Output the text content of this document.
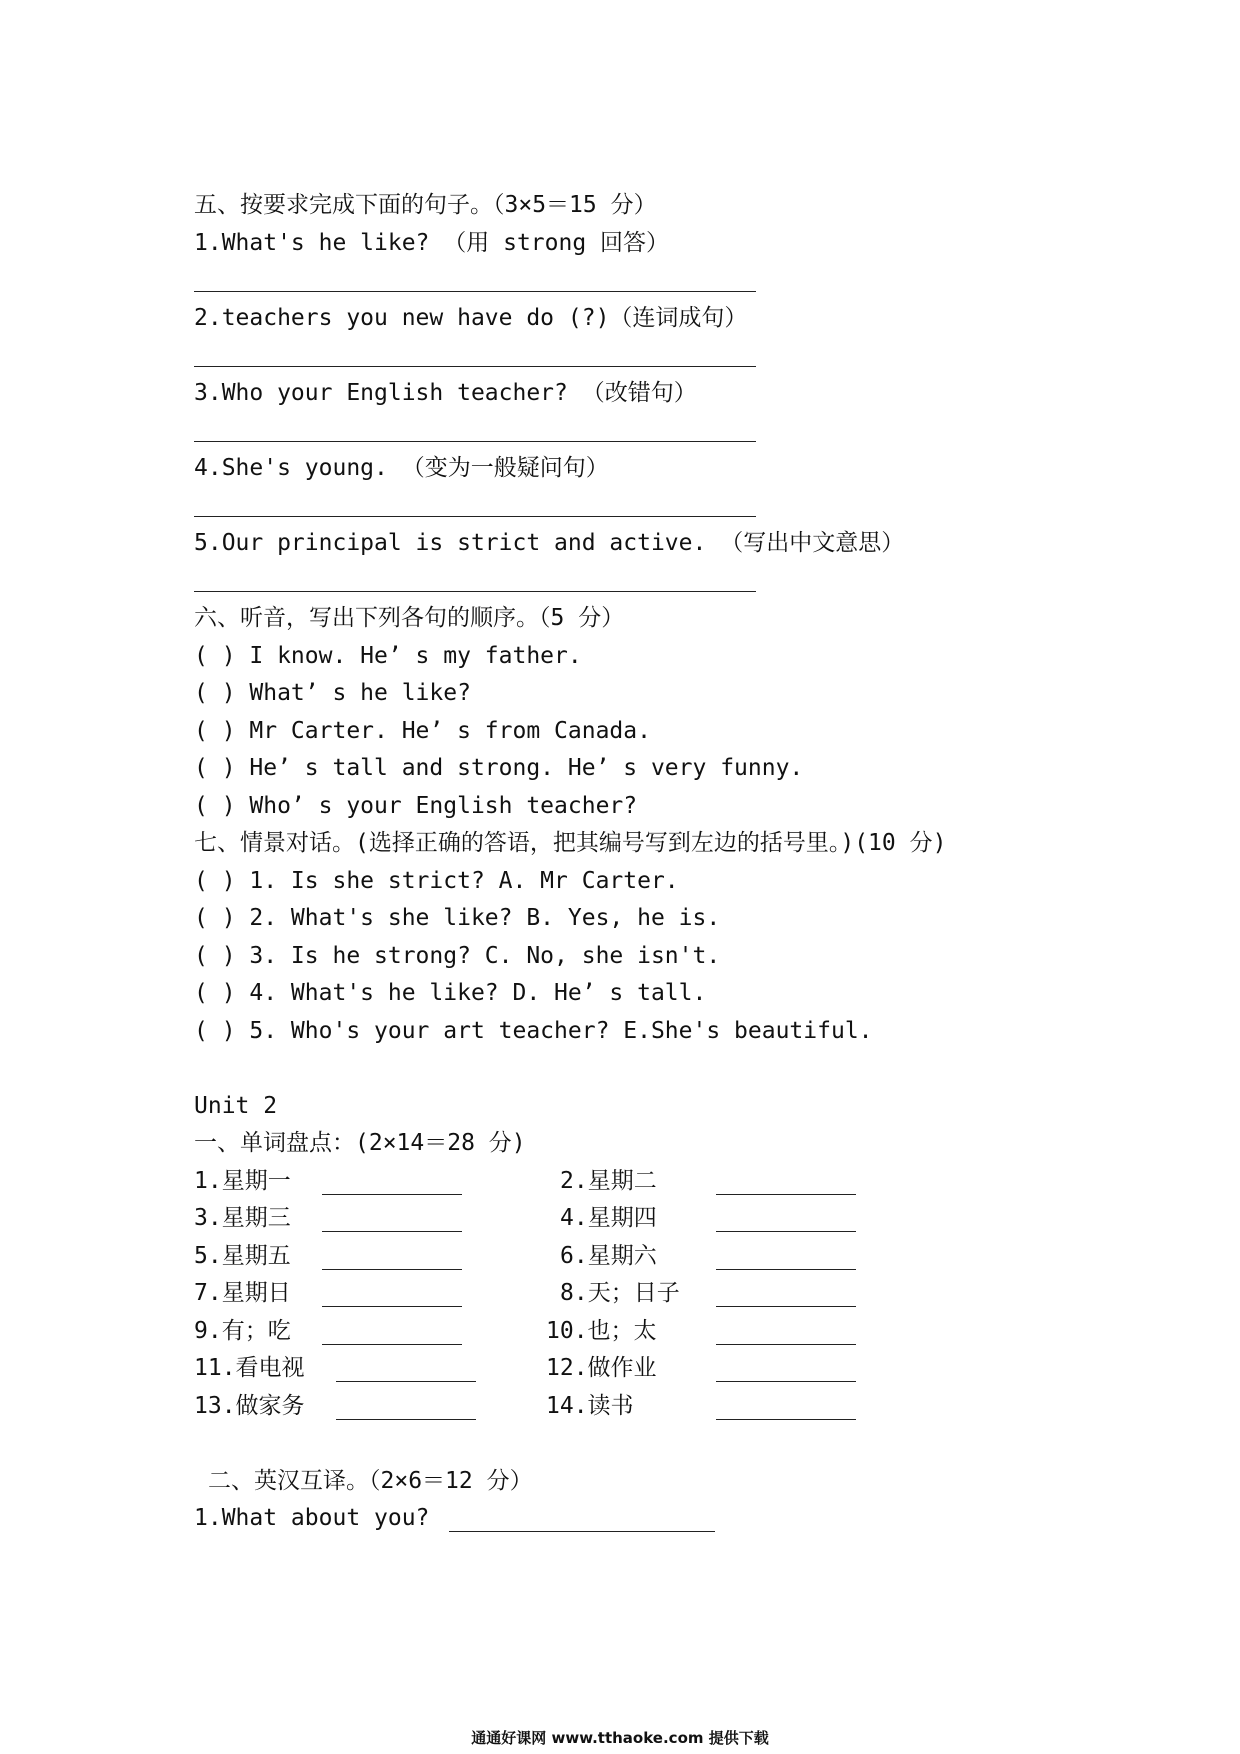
五、按要求完成下面的句子。（3×5＝15 分）
1.What's he like? （用 strong 回答）
2.teachers you new have do (?)（连词成句）
3.Who your English teacher? （改错句）
4.She's young. （变为一般疑问句）
5.Our principal is strict and active. （写出中文意思）
六、听音，写出下列各句的顺序。（5 分）
( ) I know. He’ s my father.
( ) What’ s he like?
( ) Mr Carter. He’ s from Canada.
( ) He’ s tall and strong. He’ s very funny.
( ) Who’ s your English teacher?
七、情景对话。(选择正确的答语，把其编号写到左边的括号里。)(10 分)
( ) 1. Is she strict? A. Mr Carter.
( ) 2. What's she like? B. Yes, he is.
( ) 3. Is he strong? C. No, she isn't.
( ) 4. What's he like? D. He’ s tall.
( ) 5. Who's your art teacher? E.She's beautiful.
Unit 2
一、单词盘点：(2×14＝28 分)
1.星期一	2.星期二
3.星期三	4.星期四
5.星期五	6.星期六
7.星期日	8.天；日子
9.有；吃	10.也；太
11.看电视	12.做作业
13.做家务	14.读书
二、英汉互译。（2×6＝12 分）
1.What about you?
通通好课网 www.tthaoke.com 提供下载
